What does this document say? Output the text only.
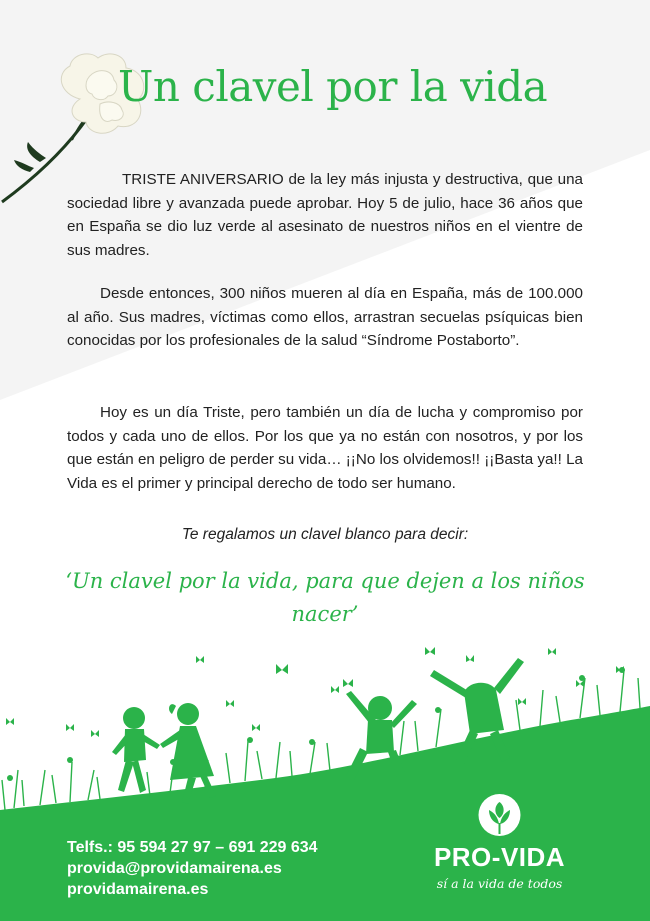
Un clavel por la vida

TRISTE ANIVERSARIO de la ley más injusta y destructiva, que una sociedad libre y avanzada puede aprobar. Hoy 5 de julio, hace 36 años que en España se dio luz verde al asesinato de nuestros niños en el vientre de sus madres.

Desde entonces, 300 niños mueren al día en España, más de 100.000 al año. Sus madres, víctimas como ellos, arrastran secuelas psíquicas bien conocidas por los profesionales de la salud “Síndrome Postaborto”.

Hoy es un día Triste, pero también un día de lucha y compromiso por todos y cada uno de ellos. Por los que ya no están con nosotros, y por los que están en peligro de perder su vida… ¡¡No los olvidemos!! ¡¡Basta ya!! La Vida es el primer y principal derecho de todo ser humano.

Te regalamos un clavel blanco para decir:
‘Un clavel por la vida, para que dejen a los niños nacer’
Telfs.: 95 594 27 97 – 691 229 634
provida@providamairena.es
providamairena.es
PRO-VIDA
sí a la vida de todos
